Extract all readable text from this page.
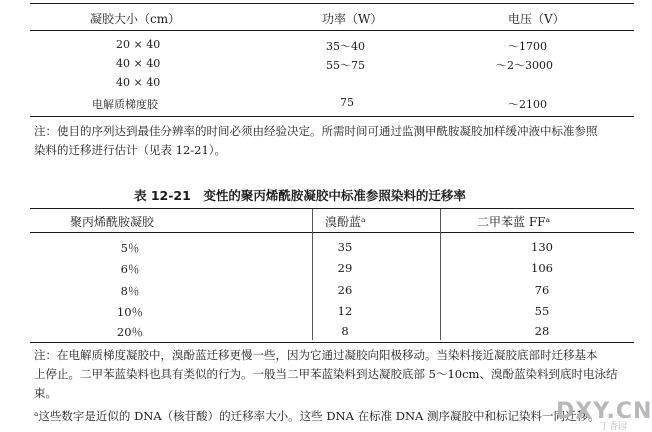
凝胶大小（cm）	功率（W）	电压（V）
20 × 40	35～40	～1700
40 × 40	55～75	～2～3000
40 × 40
电解质梯度胶	75	～2100
注：使目的序列达到最佳分辨率的时间必须由经验决定。所需时间可通过监测甲酰胺凝胶加样缓冲液中标准参照
染料的迁移进行估计（见表 12-21）。
表 12-21　变性的聚丙烯酰胺凝胶中标准参照染料的迁移率
聚丙烯酰胺凝胶	溴酚蓝ᵃ	二甲苯蓝 FFᵃ
5％	35	130
6％	29	106
8％	26	76
10％	12	55
20％	8	28
注：在电解质梯度凝胶中，溴酚蓝迁移更慢一些，因为它通过凝胶向阳极移动。当染料接近凝胶底部时迁移基本
上停止。二甲苯蓝染料也具有类似的行为。一般当二甲苯蓝染料到达凝胶底部 5～10cm、溴酚蓝染料到底时电泳结
束。
ᵃ这些数字是近似的 DNA（核苷酸）的迁移率大小。这些 DNA 在标准 DNA 测序凝胶中和标记染料一同迁移。
DXY.CN
丁香园
